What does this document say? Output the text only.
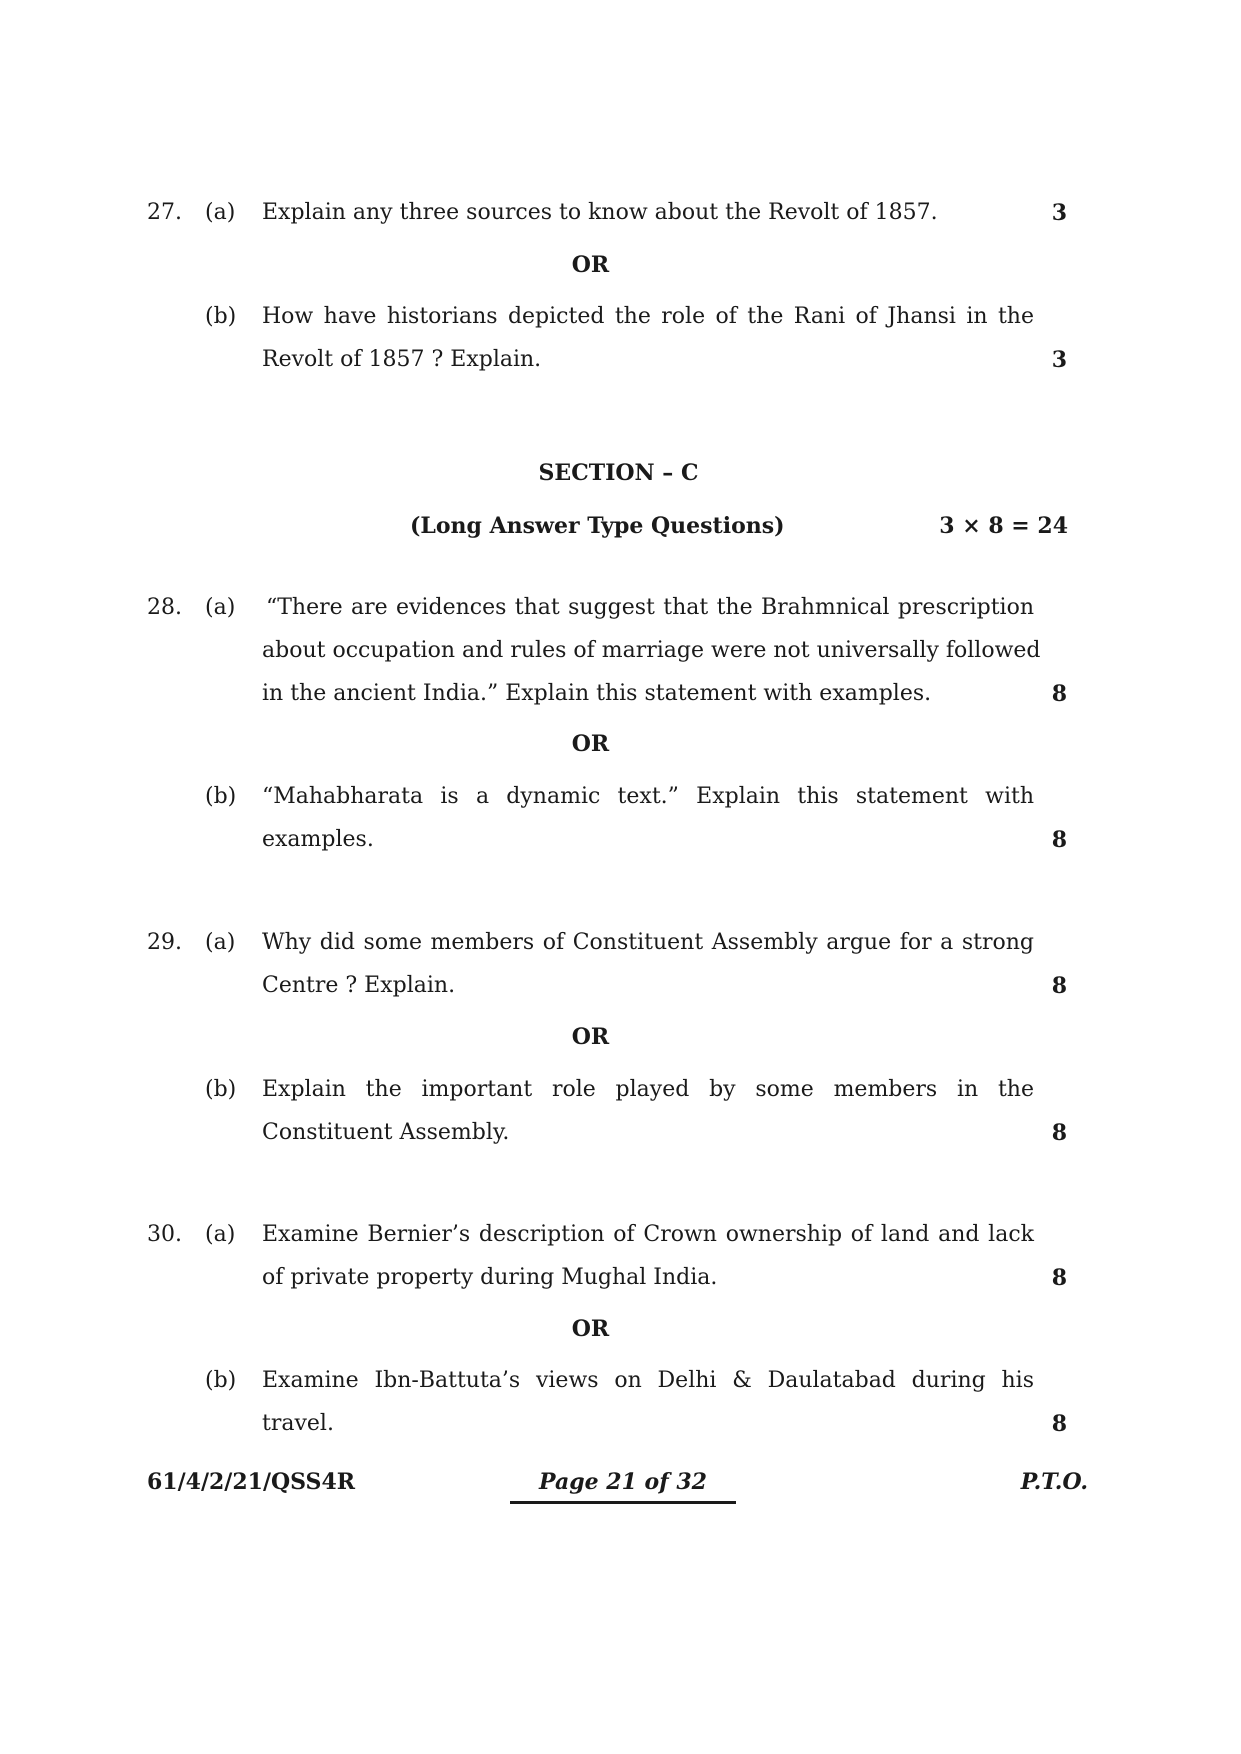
27. (a) Explain any three sources to know about the Revolt of 1857.	3
OR
(b) How have historians depicted the role of the Rani of Jhansi in the
Revolt of 1857 ? Explain.	3
SECTION – C
(Long Answer Type Questions)	3 × 8 = 24
28. (a) “There are evidences that suggest that the Brahmnical prescription
about occupation and rules of marriage were not universally followed
in the ancient India.” Explain this statement with examples.	8
OR
(b) “Mahabharata is a dynamic text.” Explain this statement with
examples.	8
29. (a) Why did some members of Constituent Assembly argue for a strong
Centre ? Explain.	8
OR
(b) Explain the important role played by some members in the
Constituent Assembly.	8
30. (a) Examine Bernier’s description of Crown ownership of land and lack
of private property during Mughal India.	8
OR
(b) Examine Ibn-Battuta’s views on Delhi & Daulatabad during his
travel.	8
61/4/2/21/QSS4R	Page 21 of 32	P.T.O.
